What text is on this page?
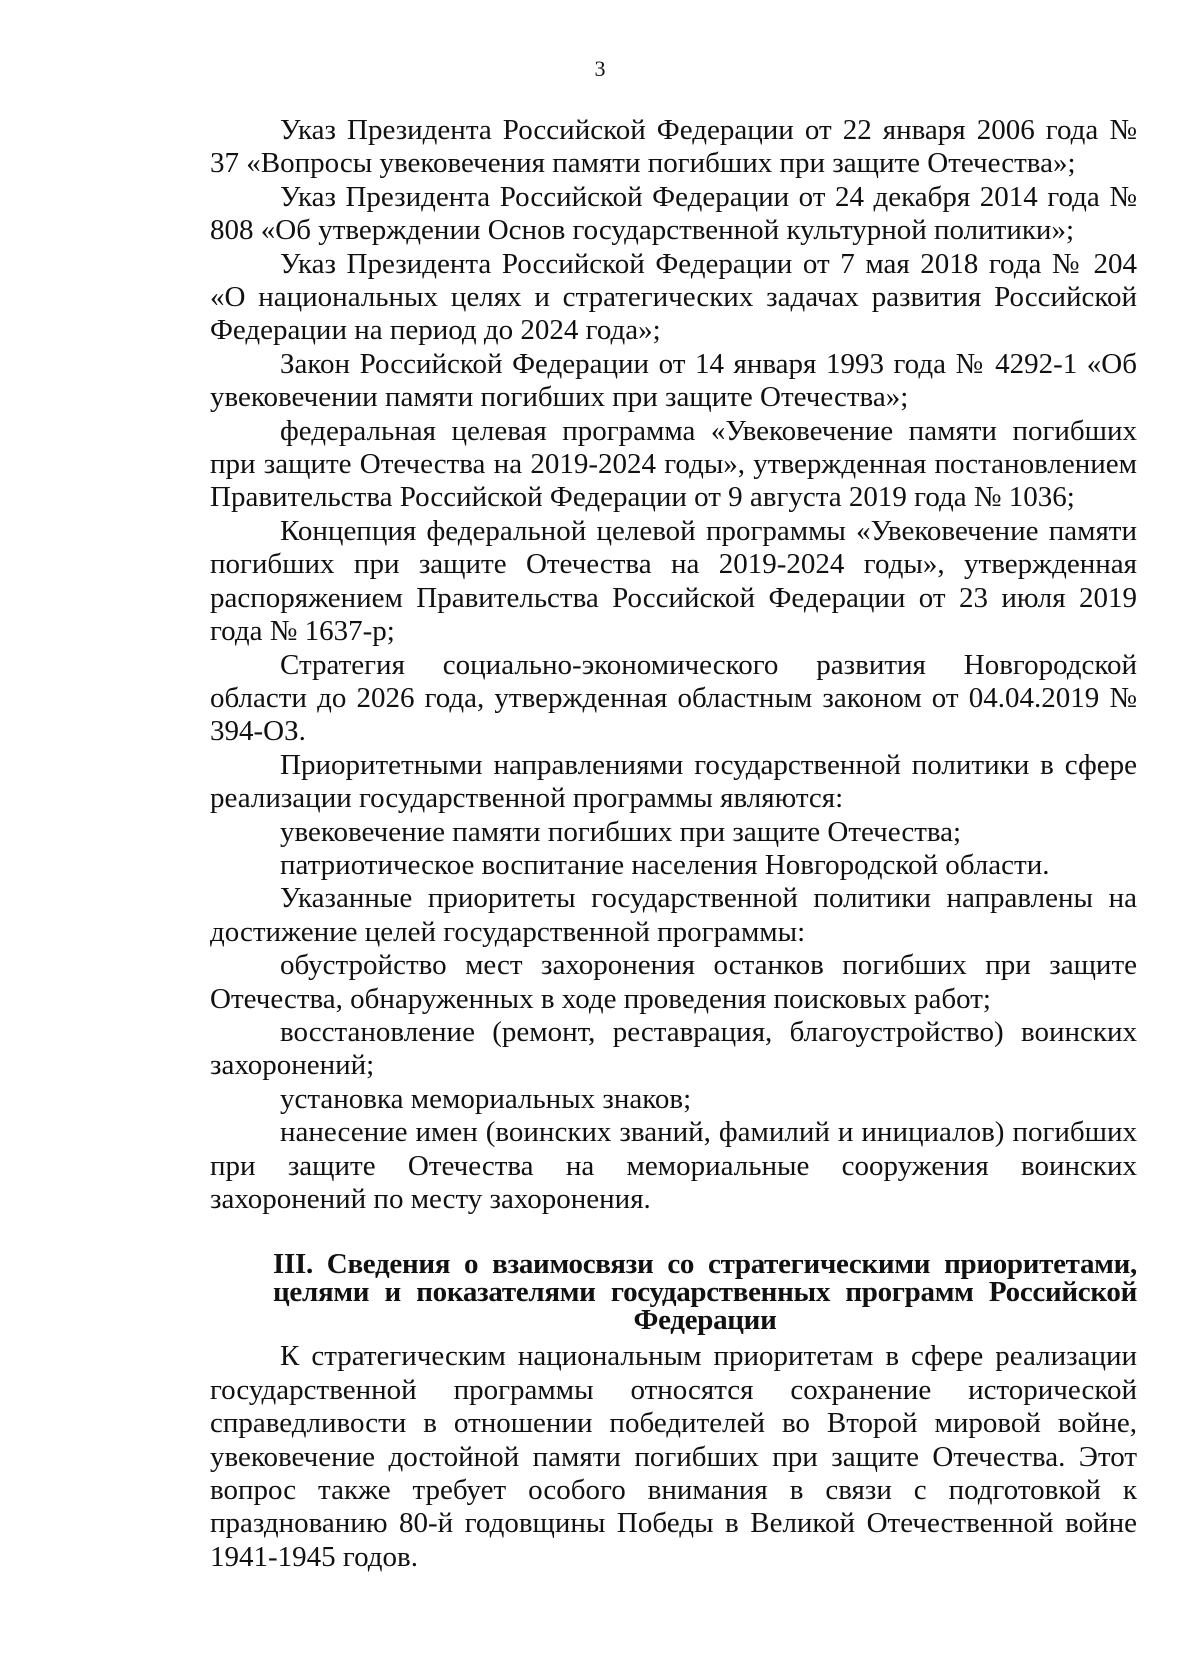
3

Указ Президента Российской Федерации от 22 января 2006 года № 37 «Вопросы увековечения памяти погибших при защите Отечества»;

Указ Президента Российской Федерации от 24 декабря 2014 года № 808 «Об утверждении Основ государственной культурной политики»;

Указ Президента Российской Федерации от 7 мая 2018 года № 204 «О национальных целях и стратегических задачах развития Российской Федерации на период до 2024 года»;

Закон Российской Федерации от 14 января 1993 года № 4292-1 «Об увековечении памяти погибших при защите Отечества»;

федеральная целевая программа «Увековечение памяти погибших при защите Отечества на 2019-2024 годы», утвержденная постановлением Правительства Российской Федерации от 9 августа 2019 года № 1036;

Концепция федеральной целевой программы «Увековечение памяти погибших при защите Отечества на 2019-2024 годы», утвержденная распоряжением Правительства Российской Федерации от 23 июля 2019 года № 1637-р;

Стратегия социально-экономического развития Новгородской области до 2026 года, утвержденная областным законом от 04.04.2019 № 394-ОЗ.

Приоритетными направлениями государственной политики в сфере реализации государственной программы являются:

увековечение памяти погибших при защите Отечества;

патриотическое воспитание населения Новгородской области.

Указанные приоритеты государственной политики направлены на достижение целей государственной программы:

обустройство мест захоронения останков погибших при защите Отечества, обнаруженных в ходе проведения поисковых работ;

восстановление (ремонт, реставрация, благоустройство) воинских захоронений;

установка мемориальных знаков;

нанесение имен (воинских званий, фамилий и инициалов) погибших при защите Отечества на мемориальные сооружения воинских захоронений по месту захоронения.

III. Сведения о взаимосвязи со стратегическими приоритетами, целями и показателями государственных программ Российской Федерации

К стратегическим национальным приоритетам в сфере реализации государственной программы относятся сохранение исторической справедливости в отношении победителей во Второй мировой войне, увековечение достойной памяти погибших при защите Отечества. Этот вопрос также требует особого внимания в связи с подготовкой к празднованию 80-й годовщины Победы в Великой Отечественной войне 1941-1945 годов.
